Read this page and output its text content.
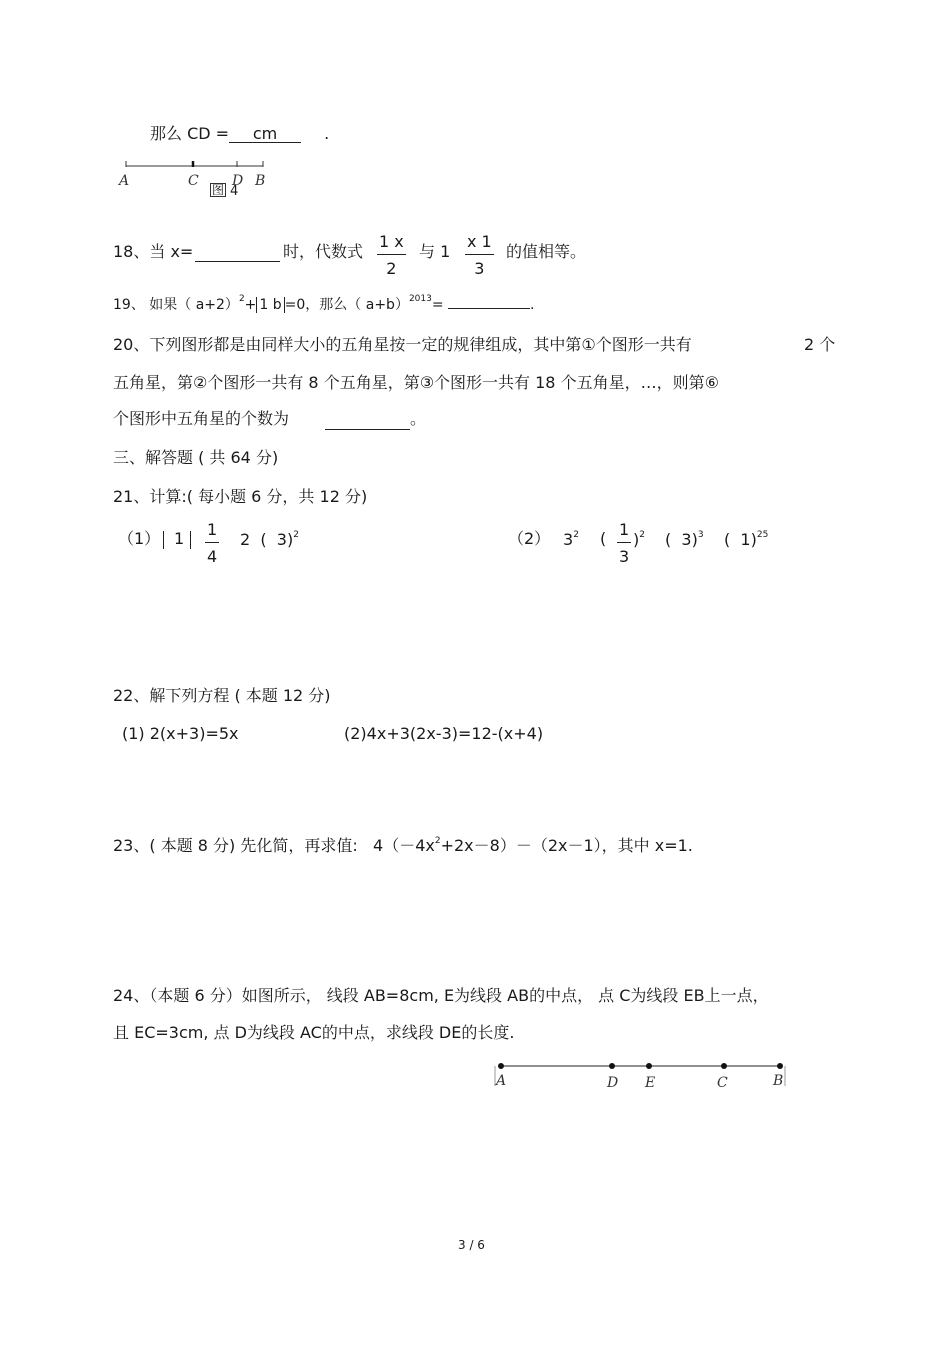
那么 CD = cm	.
A	C D B
图 4
18、当 x=	时，代数式 $\frac{1 x}{2}$ 与 $1 \frac{x 1}{3}$ 的值相等。
19、 如果（ a+2）$^2$+ 1 b =0，那么（ a+b）$^{2013}$=	.
20、下列图形都是由同样大小的五角星按一定的规律组成，其中第①个图形一共有	2 个
五角星，第②个图形一共有 8 个五角星，第③个图形一共有 18 个五角星，…，则第⑥
个图形中五角星的个数为	。
三、解答题 ( 共 64 分)
21、计算:( 每小题 6 分，共 12 分)
（1） 1	$\frac{1}{4} 2$  (  3)$^2$	（2） $3^2$ ( $\frac{1}{3} )^2$ (  3)$^3$ (  1)$^{25}$
22、解下列方程 ( 本题 12 分)
(1) 2(x+3)=5x	(2)4x+3(2x-3)=12-(x+4)
23、( 本题 8 分) 先化简，再求值:   $4(-4x^2+2x-8)-(2x-1)$，其中 x=1.
24、（本题 6 分）如图所示， 线段 AB=8cm, E为线段 AB的中点， 点 C为线段 EB上一点，
且 EC=3cm, 点 D为线段 AC的中点，求线段 DE的长度.
A	D E	C	B
3 / 6
